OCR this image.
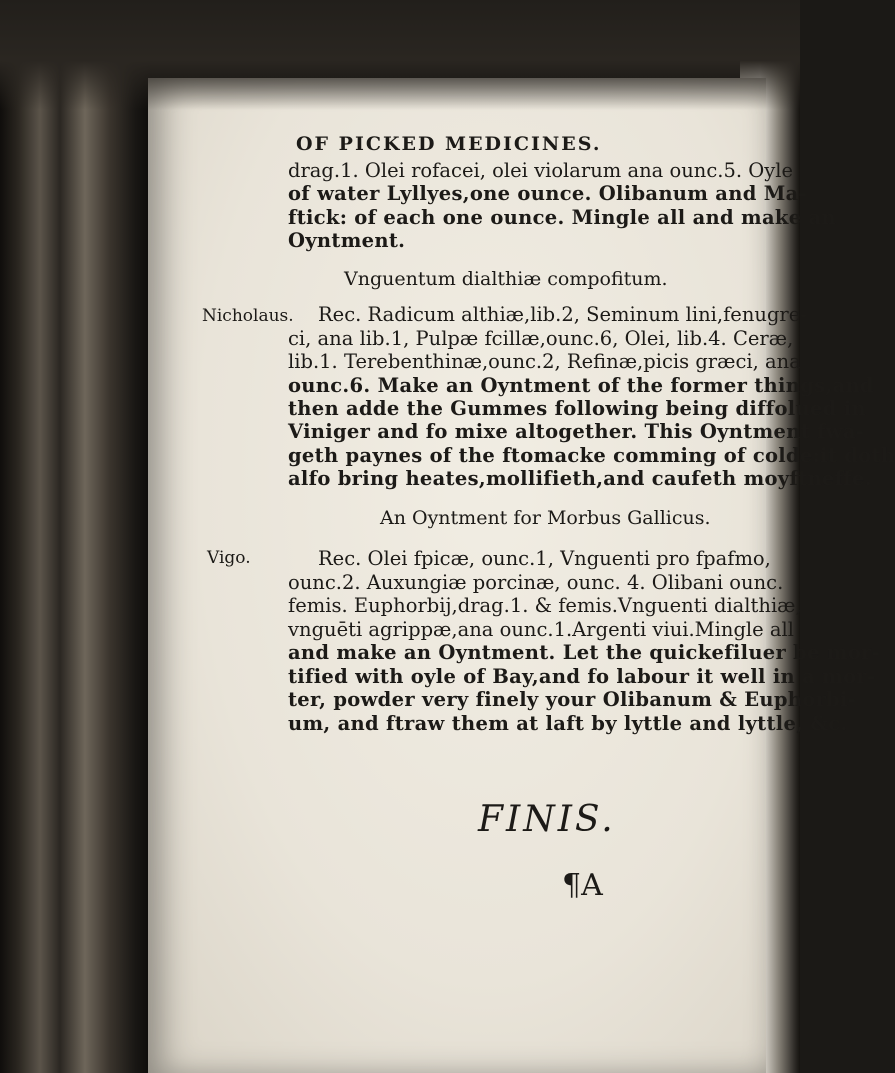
OF PICKED MEDICINES.
drag.1. Olei rofacei, olei violarum ana ounc.5. Oyle
of water Lyllyes,one ounce. Olibanum and Ma-
ftick: of each one ounce. Mingle all and make an
Oyntment.
Vnguentum dialthiæ compofitum.
Nicholaus. Rec. Radicum althiæ,lib.2, Seminum lini,fenugre-
ci, ana lib.1, Pulpæ fcillæ,ounc.6, Olei, lib.4. Ceræ,
lib.1. Terebenthinæ,ounc.2, Refinæ,picis græci, ana
ounc.6. Make an Oyntment of the former things,and
then adde the Gummes following being diffolued in
Viniger and fo mixe altogether. This Oyntment fwa-
geth paynes of the ftomacke comming of colde:it doth
alfo bring heates,mollifieth,and caufeth moyftneffe.
An Oyntment for Morbus Gallicus.
Vigo.	Rec. Olei fpicæ, ounc.1, Vnguenti pro fpafmo,
ounc.2. Auxungiæ porcinæ, ounc. 4. Olibani ounc.
femis. Euphorbij,drag.1. & femis.Vnguenti dialthiæ,
vnguēti agrippæ,ana ounc.1.Argenti viui.Mingle all
and make an Oyntment. Let the quickefiluer be mor-
tified with oyle of Bay,and fo labour it well in a mor-
ter, powder very finely your Olibanum & Euphorbi-
um, and ftraw them at laft by lyttle and lyttle, &c.
FINIS.
¶A
